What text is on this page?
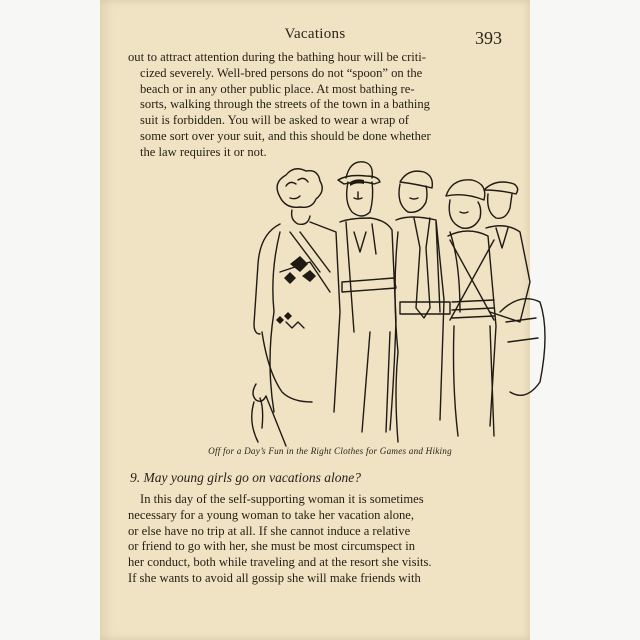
Vacations	393
out to attract attention during the bathing hour will be criti-
cized severely. Well-bred persons do not “spoon” on the
beach or in any other public place. At most bathing re-
sorts, walking through the streets of the town in a bathing
suit is forbidden. You will be asked to wear a wrap of
some sort over your suit, and this should be done whether
the law requires it or not.
Off for a Day’s Fun in the Right Clothes for Games and Hiking
9. May young girls go on vacations alone?
In this day of the self-supporting woman it is sometimes
necessary for a young woman to take her vacation alone,
or else have no trip at all. If she cannot induce a relative
or friend to go with her, she must be most circumspect in
her conduct, both while traveling and at the resort she visits.
If she wants to avoid all gossip she will make friends with
